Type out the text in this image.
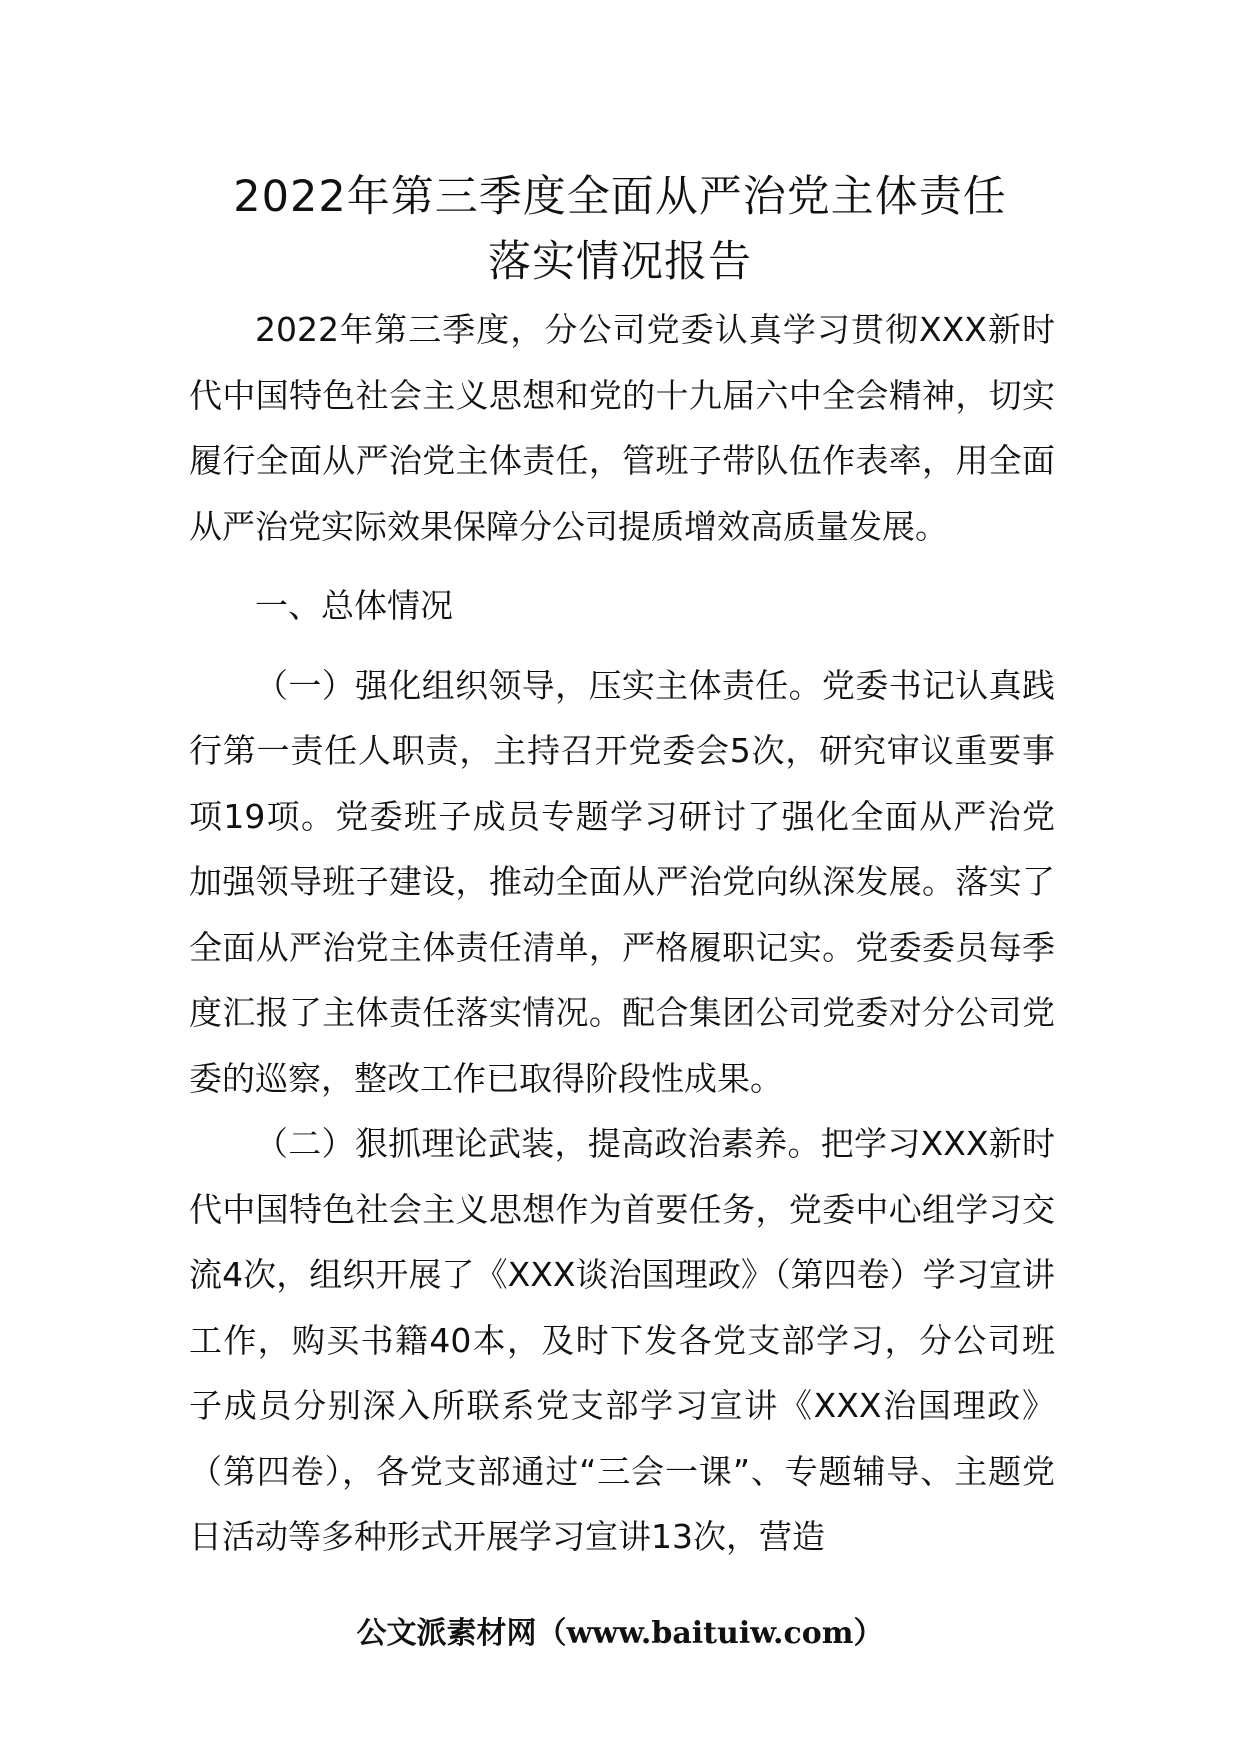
2022年第三季度全面从严治党主体责任
落实情况报告

2022年第三季度，分公司党委认真学习贯彻XXX新时代中国特色社会主义思想和党的十九届六中全会精神，切实履行全面从严治党主体责任，管班子带队伍作表率，用全面从严治党实际效果保障分公司提质增效高质量发展。

一、总体情况

（一）强化组织领导，压实主体责任。党委书记认真践行第一责任人职责，主持召开党委会5次，研究审议重要事项19项。党委班子成员专题学习研讨了强化全面从严治党加强领导班子建设，推动全面从严治党向纵深发展。落实了全面从严治党主体责任清单，严格履职记实。党委委员每季度汇报了主体责任落实情况。配合集团公司党委对分公司党委的巡察，整改工作已取得阶段性成果。

（二）狠抓理论武装，提高政治素养。把学习XXX新时代中国特色社会主义思想作为首要任务，党委中心组学习交流4次，组织开展了《XXX谈治国理政》（第四卷）学习宣讲工作，购买书籍40本，及时下发各党支部学习，分公司班子成员分别深入所联系党支部学习宣讲《XXX治国理政》（第四卷），各党支部通过“三会一课”、专题辅导、主题党日活动等多种形式开展学习宣讲13次，营造

公文派素材网（www.baituiw.com）
